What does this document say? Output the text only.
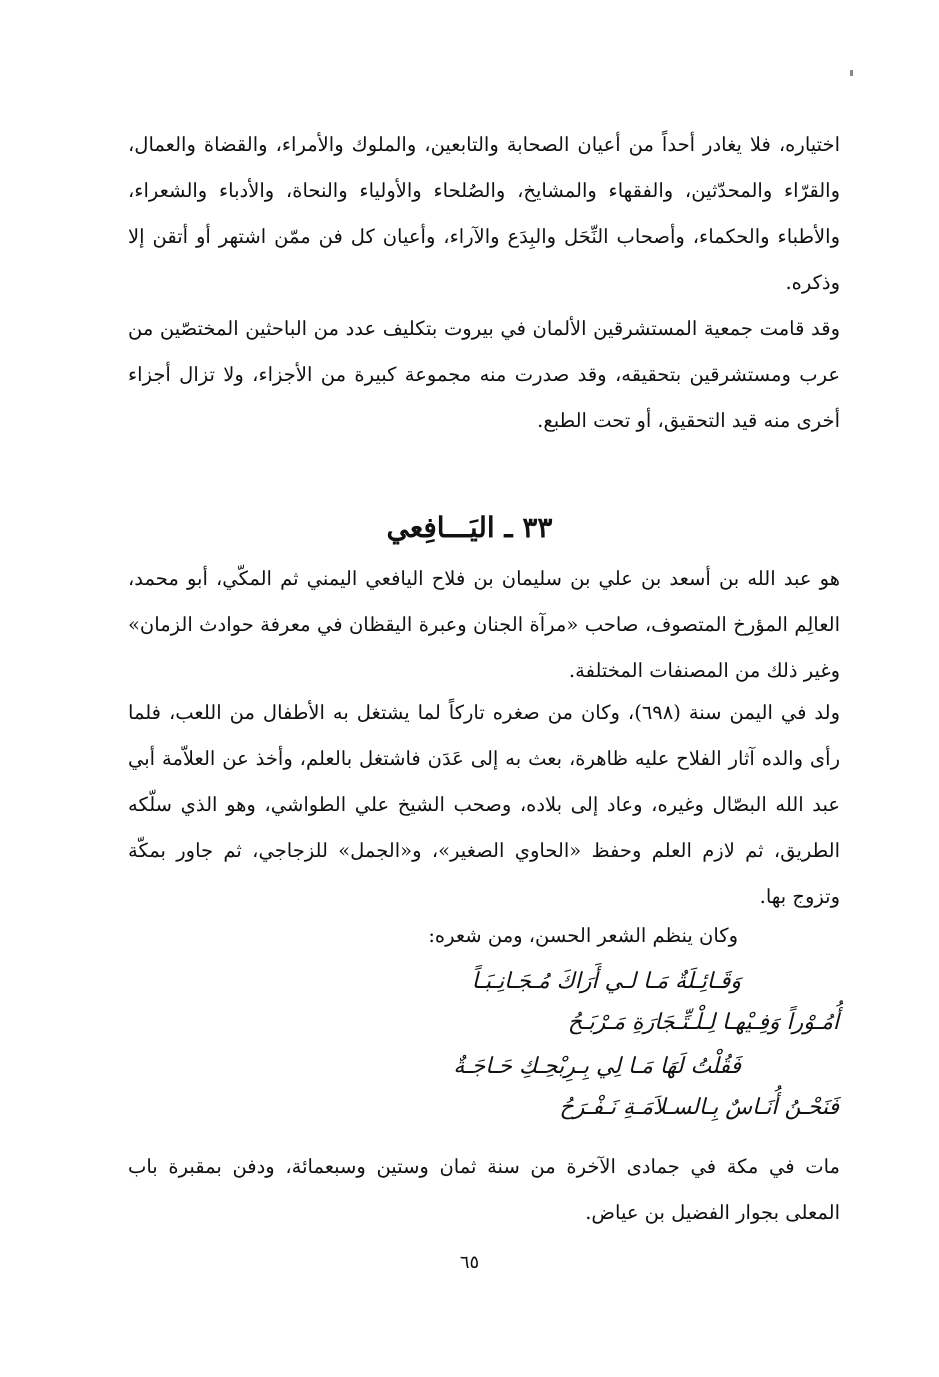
اختياره، فلا يغادر أحداً من أعيان الصحابة والتابعين، والملوك والأمراء، والقضاة والعمال، والقرّاء والمحدّثين، والفقهاء والمشايخ، والصُلحاء والأولياء والنحاة، والأدباء والشعراء، والأطباء والحكماء، وأصحاب النِّحَل والبِدَع والآراء، وأعيان كل فن ممّن اشتهر أو أتقن إلا وذكره.

وقد قامت جمعية المستشرقين الألمان في بيروت بتكليف عدد من الباحثين المختصّين من عرب ومستشرقين بتحقيقه، وقد صدرت منه مجموعة كبيرة من الأجزاء، ولا تزال أجزاء أخرى منه قيد التحقيق، أو تحت الطبع.

٣٣ ـ اليَـــافِعي

هو عبد الله بن أسعد بن علي بن سليمان بن فلاح اليافعي اليمني ثم المكّي، أبو محمد، العالِم المؤرخ المتصوف، صاحب «مرآة الجنان وعبرة اليقظان في معرفة حوادث الزمان» وغير ذلك من المصنفات المختلفة.

ولد في اليمن سنة (٦٩٨)، وكان من صغره تاركاً لما يشتغل به الأطفال من اللعب، فلما رأى والده آثار الفلاح عليه ظاهرة، بعث به إلى عَدَن فاشتغل بالعلم، وأخذ عن العلاّمة أبي عبد الله البصّال وغيره، وعاد إلى بلاده، وصحب الشيخ علي الطواشي، وهو الذي سلّكه الطريق، ثم لازم العلم وحفظ «الحاوي الصغير»، و«الجمل» للزجاجي، ثم جاور بمكّة وتزوج بها.

وكان ينظم الشعر الحسن، ومن شعره:
وَقَـائِـلَةٌ مَـا لـي أَرَاكَ مُـجَـانِـبَـاً
أُمُـوْراً وَفِـيْهـا لِـلْـتِّـجَارَةِ مَـرْبَـحُ
فَقُلْتُ لَهَا مَـا لِي بِـرِبْحِـكِ حَـاجَـةٌ
فَنَحْـنُ أُنَـاسٌ بِـالسـلاَمَـةِ نَـفْـرَحُ

مات في مكة في جمادى الآخرة من سنة ثمان وستين وسبعمائة، ودفن بمقبرة باب المعلى بجوار الفضيل بن عياض.

٦٥
